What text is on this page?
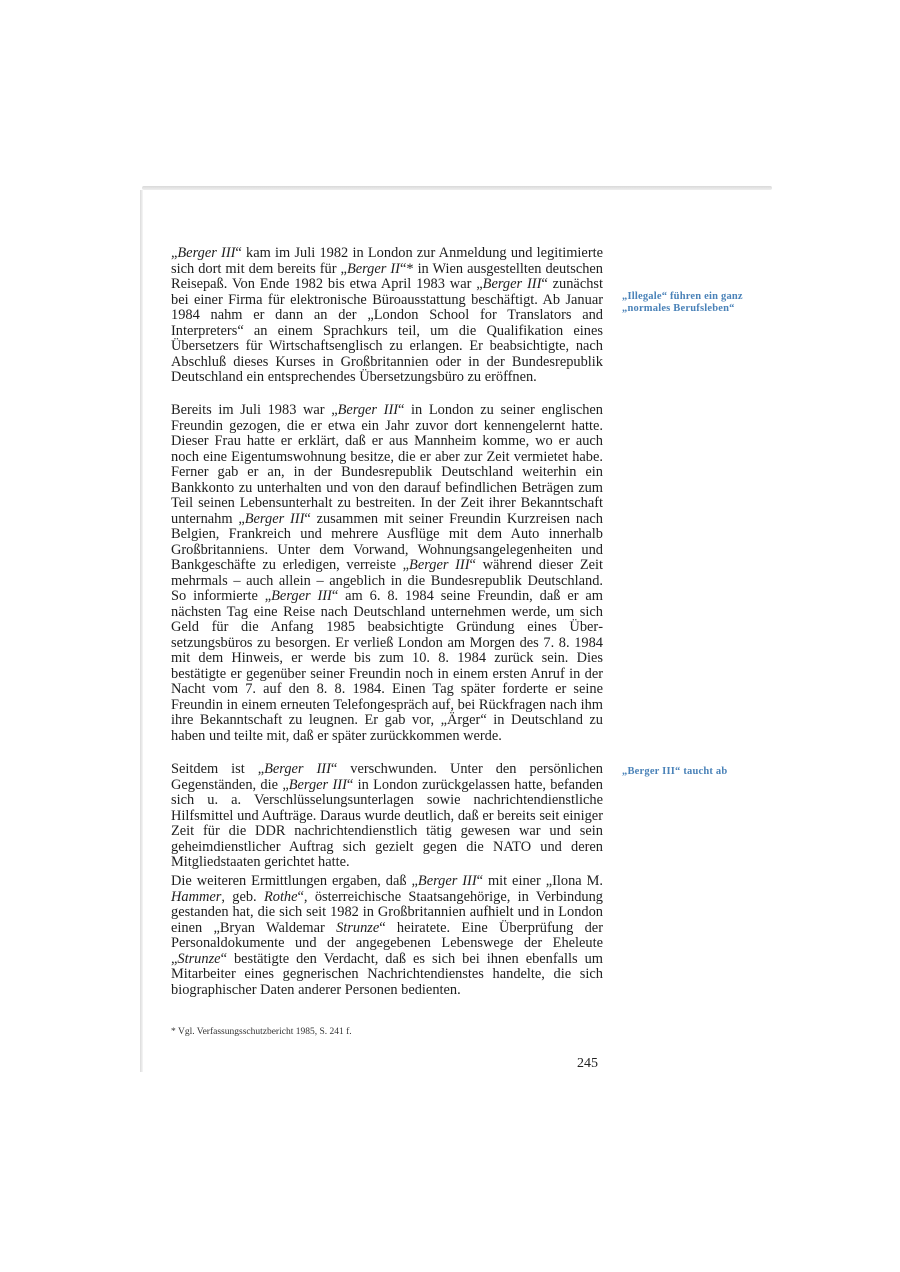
„Berger III“ kam im Juli 1982 in London zur Anmeldung und legitimierte sich dort mit dem bereits für „Berger II“* in Wien ausgestellten deutschen Reisepaß. Von Ende 1982 bis etwa April 1983 war „Berger III“ zunächst bei einer Firma für elektronische Büroausstattung beschäftigt. Ab Januar 1984 nahm er dann an der „London School for Translators and Interpreters“ an einem Sprachkurs teil, um die Qualifikation eines Übersetzers für Wirtschaftsenglisch zu erlangen. Er beabsichtigte, nach Abschluß dieses Kurses in Großbritannien oder in der Bundesrepublik Deutschland ein entsprechendes Übersetzungsbüro zu eröffnen.

Bereits im Juli 1983 war „Berger III“ in London zu seiner englischen Freundin gezogen, die er etwa ein Jahr zuvor dort kennengelernt hatte. Dieser Frau hatte er erklärt, daß er aus Mannheim komme, wo er auch noch eine Eigentumswohnung besitze, die er aber zur Zeit vermietet habe. Ferner gab er an, in der Bundesrepublik Deutschland weiterhin ein Bankkonto zu unterhalten und von den darauf befindlichen Beträgen zum Teil seinen Lebensunterhalt zu bestreiten. In der Zeit ihrer Bekanntschaft unternahm „Berger III“ zusammen mit seiner Freundin Kurzreisen nach Belgien, Frankreich und mehrere Ausflüge mit dem Auto innerhalb Großbritanniens. Unter dem Vorwand, Wohnungsangelegenheiten und Bankgeschäfte zu erledigen, verreiste „Berger III“ während dieser Zeit mehrmals – auch allein – angeblich in die Bundesrepublik Deutschland. So informierte „Berger III“ am 6. 8. 1984 seine Freundin, daß er am nächsten Tag eine Reise nach Deutschland unternehmen werde, um sich Geld für die Anfang 1985 beabsichtigte Gründung eines Übersetzungsbüros zu besorgen. Er verließ London am Morgen des 7. 8. 1984 mit dem Hinweis, er werde bis zum 10. 8. 1984 zurück sein. Dies bestätigte er gegenüber seiner Freundin noch in einem ersten Anruf in der Nacht vom 7. auf den 8. 8. 1984. Einen Tag später forderte er seine Freundin in einem erneuten Telefongespräch auf, bei Rückfragen nach ihm ihre Bekanntschaft zu leugnen. Er gab vor, „Ärger“ in Deutschland zu haben und teilte mit, daß er später zurückkommen werde.

Seitdem ist „Berger III“ verschwunden. Unter den persönlichen Gegenständen, die „Berger III“ in London zurückgelassen hatte, befanden sich u. a. Verschlüsselungsunterlagen sowie nachrichtendienstliche Hilfsmittel und Aufträge. Daraus wurde deutlich, daß er bereits seit einiger Zeit für die DDR nachrichtendienstlich tätig gewesen war und sein geheimdienstlicher Auftrag sich gezielt gegen die NATO und deren Mitgliedstaaten gerichtet hatte.

Die weiteren Ermittlungen ergaben, daß „Berger III“ mit einer „Ilona M. Hammer, geb. Rothe“, österreichische Staatsangehörige, in Verbindung gestanden hat, die sich seit 1982 in Großbritannien aufhielt und in London einen „Bryan Waldemar Strunze“ heiratete. Eine Überprüfung der Personaldokumente und der angegebenen Lebenswege der Eheleute „Strunze“ bestätigte den Verdacht, daß es sich bei ihnen ebenfalls um Mitarbeiter eines gegnerischen Nachrichtendienstes handelte, die sich biographischer Daten anderer Personen bedienten.

„Illegale“ führen ein ganz „normales Berufsleben“
„Berger III“ taucht ab
* Vgl. Verfassungsschutzbericht 1985, S. 241 f.
245
